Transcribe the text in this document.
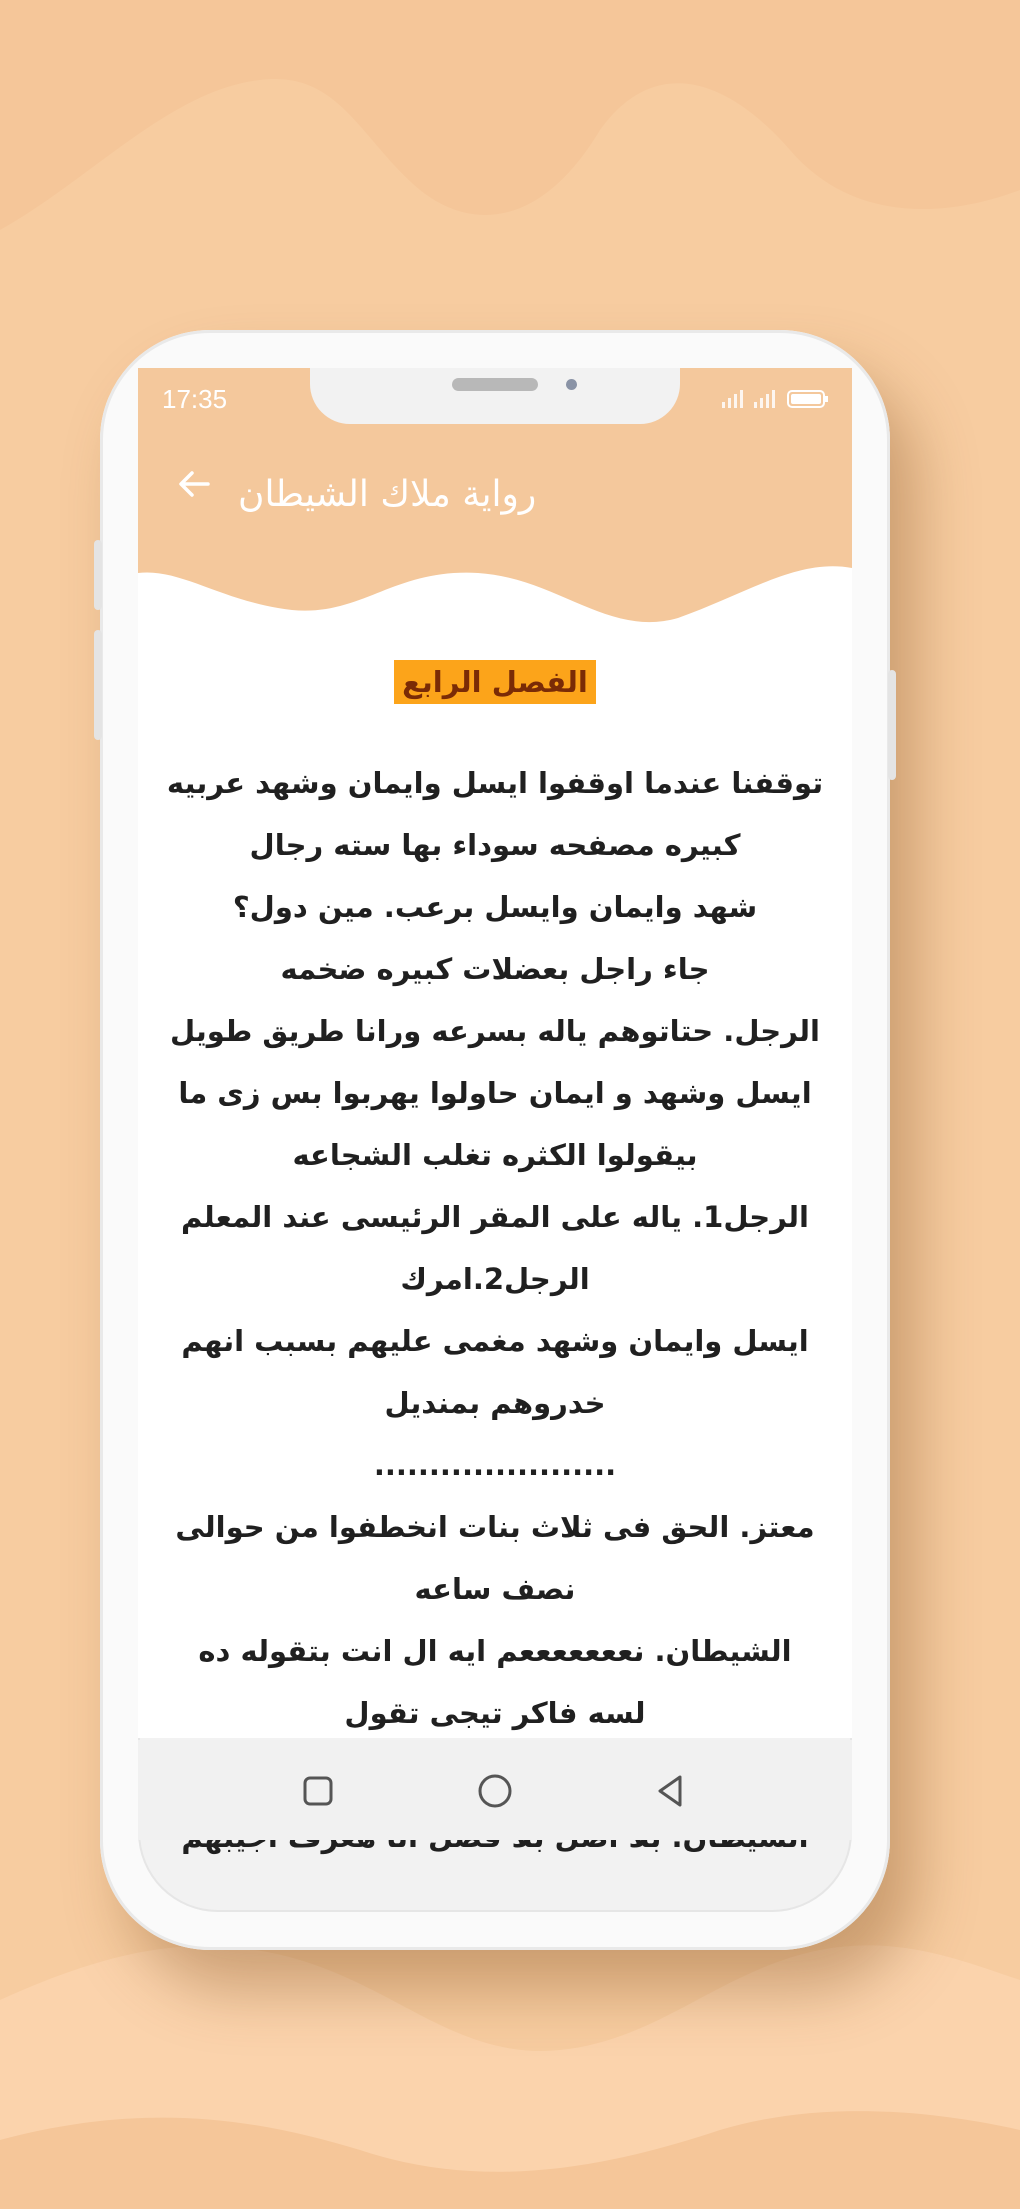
17:35
رواية ملاك الشيطان
الفصل الرابع
توقفنا عندما اوقفوا ايسل وايمان وشهد عربيه
كبيره مصفحه سوداء بها سته رجال
شهد وايمان وايسل برعب. مين دول؟
جاء راجل بعضلات كبيره ضخمه
الرجل. حتاتوهم ياله بسرعه ورانا طريق طويل
ايسل وشهد و ايمان حاولوا يهربوا بس زى ما
بيقولوا الكثره تغلب الشجاعه
الرجل1. ياله على المقر الرئيسى عند المعلم
الرجل2.امرك
ايسل وايمان وشهد مغمى عليهم بسبب انهم
خدروهم بمنديل
......................
معتز. الحق فى ثلاث بنات انخطفوا من حوالى
نصف ساعه
الشيطان. نعععععععم ايه ال انت بتقوله ده
لسه فاكر تيجى تقول
